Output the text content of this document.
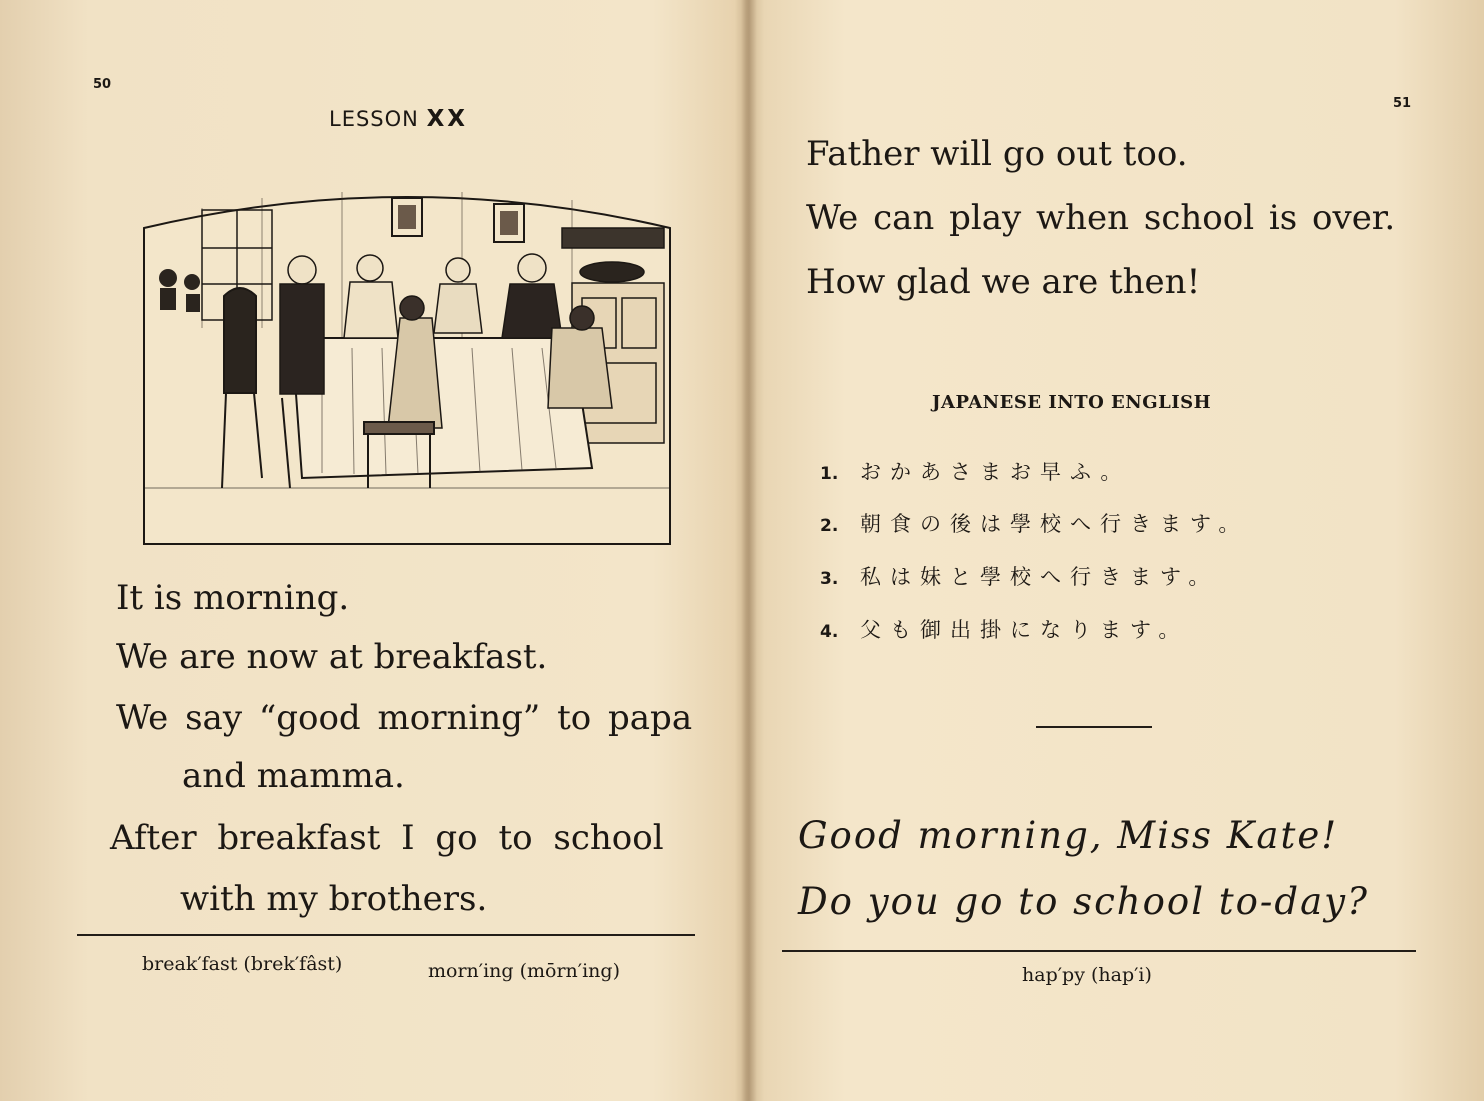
50

LESSON XX

It is morning.

We are now at breakfast.

We say “good morning” to papa

and mamma.

After breakfast I go to school

with my brothers.

break′fast (brek′fâst)	morn′ing (mōrn′ing)

51

Father will go out too.

We can play when school is over.

How glad we are then!

JAPANESE INTO ENGLISH

1. おかあさまお早ふ。

2. 朝食の後は學校へ行きます。

3. 私は妹と學校へ行きます。

4. 父も御出掛になります。

Good morning, Miss Kate!

Do you go to school to-day?

hap′py (hap′i)
